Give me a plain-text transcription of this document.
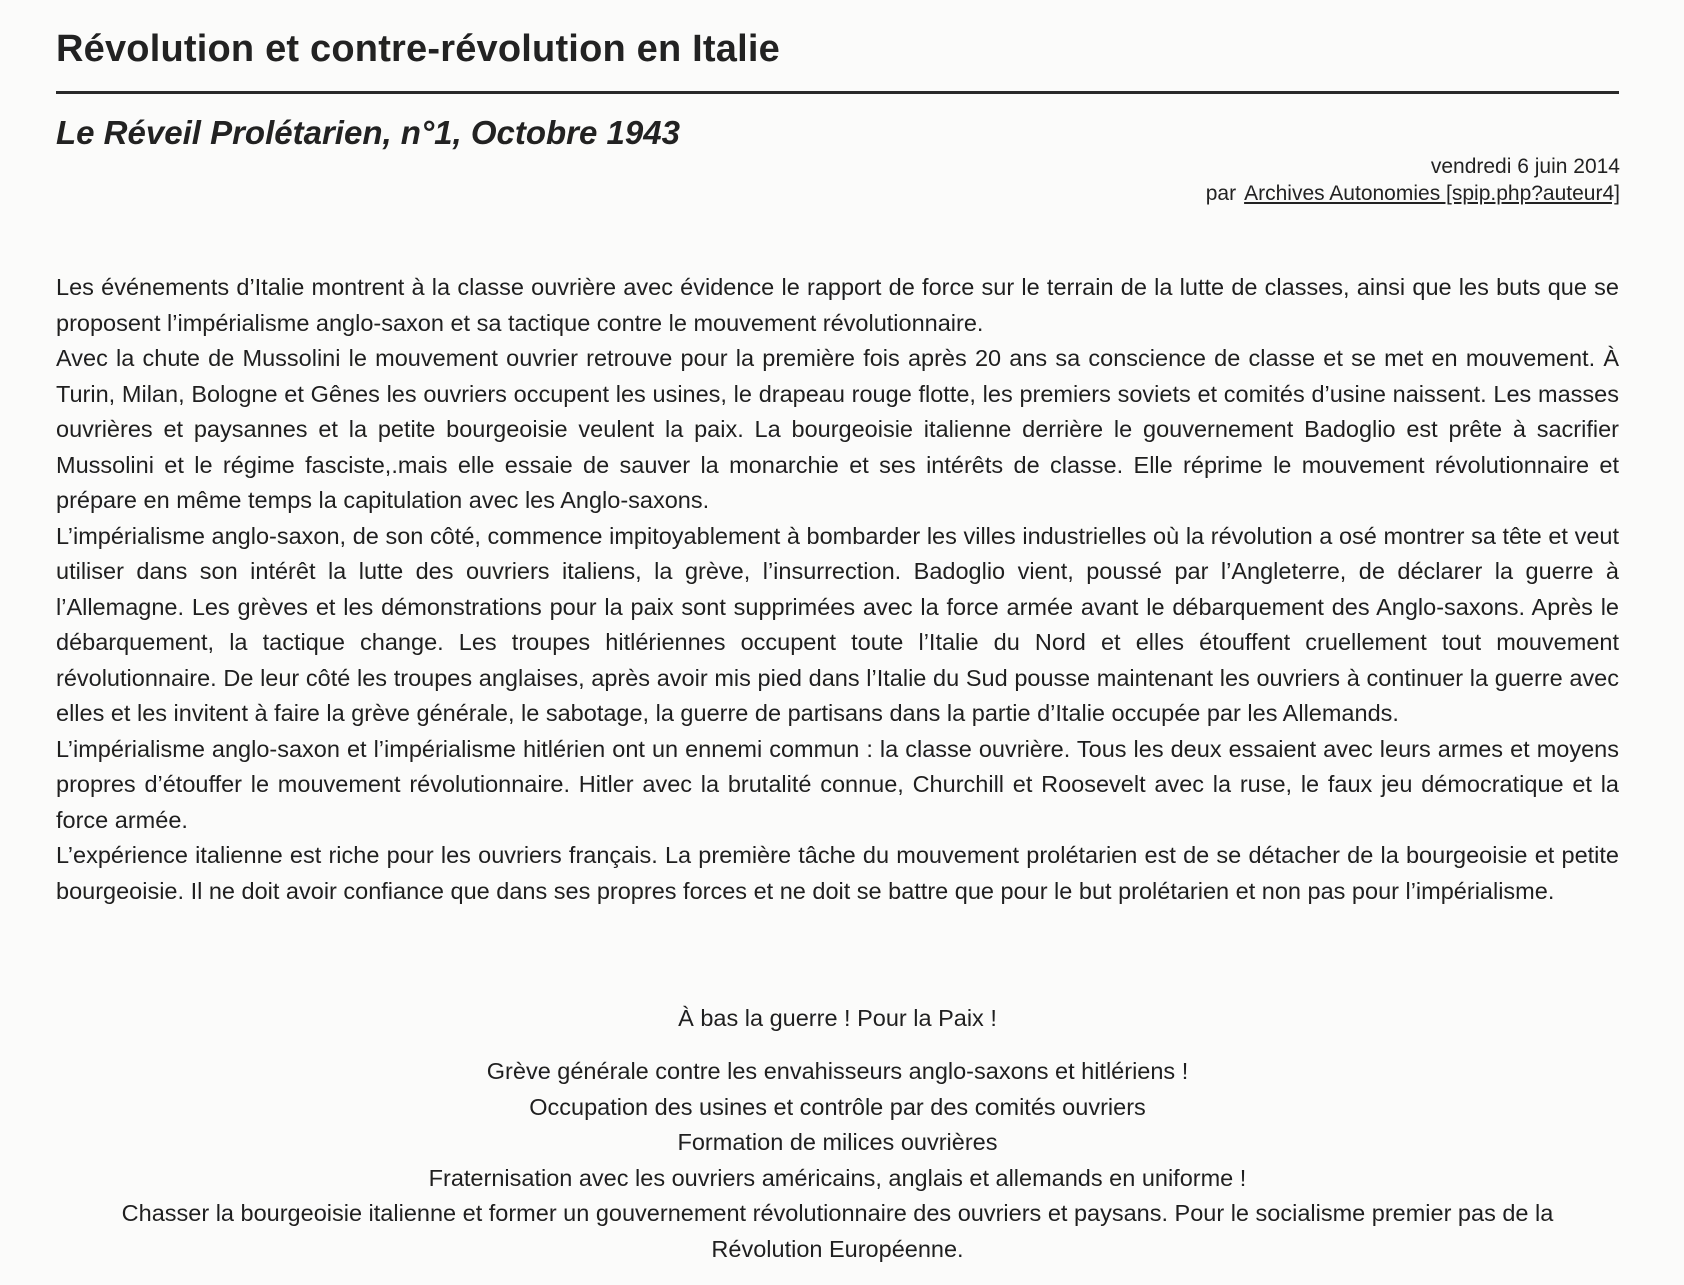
Révolution et contre-révolution en Italie
Le Réveil Prolétarien, n°1, Octobre 1943
vendredi 6 juin 2014
par Archives Autonomies [spip.php?auteur4]

Les événements d’Italie montrent à la classe ouvrière avec évidence le rapport de force sur le terrain de la lutte de classes, ainsi que les buts que se proposent l’impérialisme anglo-saxon et sa tactique contre le mouvement révolutionnaire.

Avec la chute de Mussolini le mouvement ouvrier retrouve pour la première fois après 20 ans sa conscience de classe et se met en mouvement. À Turin, Milan, Bologne et Gênes les ouvriers occupent les usines, le drapeau rouge flotte, les premiers soviets et comités d’usine naissent. Les masses ouvrières et paysannes et la petite bourgeoisie veulent la paix. La bourgeoisie italienne derrière le gouvernement Badoglio est prête à sacrifier Mussolini et le régime fasciste,.mais elle essaie de sauver la monarchie et ses intérêts de classe. Elle réprime le mouvement révolutionnaire et prépare en même temps la capitulation avec les Anglo-saxons.

L’impérialisme anglo-saxon, de son côté, commence impitoyablement à bombarder les villes industrielles où la révolution a osé montrer sa tête et veut utiliser dans son intérêt la lutte des ouvriers italiens, la grève, l’insurrection. Badoglio vient, poussé par l’Angleterre, de déclarer la guerre à l’Allemagne. Les grèves et les démonstrations pour la paix sont supprimées avec la force armée avant le débarquement des Anglo-saxons. Après le débarquement, la tactique change. Les troupes hitlériennes occupent toute l’Italie du Nord et elles étouffent cruellement tout mouvement révolutionnaire. De leur côté les troupes anglaises, après avoir mis pied dans l’Italie du Sud pousse maintenant les ouvriers à continuer la guerre avec elles et les invitent à faire la grève générale, le sabotage, la guerre de partisans dans la partie d’Italie occupée par les Allemands.

L’impérialisme anglo-saxon et l’impérialisme hitlérien ont un ennemi commun : la classe ouvrière. Tous les deux essaient avec leurs armes et moyens propres d’étouffer le mouvement révolutionnaire. Hitler avec la brutalité connue, Churchill et Roosevelt avec la ruse, le faux jeu démocratique et la force armée.

L’expérience italienne est riche pour les ouvriers français. La première tâche du mouvement prolétarien est de se détacher de la bourgeoisie et petite bourgeoisie. Il ne doit avoir confiance que dans ses propres forces et ne doit se battre que pour le but prolétarien et non pas pour l’impérialisme.

À bas la guerre ! Pour la Paix !

Grève générale contre les envahisseurs anglo-saxons et hitlériens !

Occupation des usines et contrôle par des comités ouvriers

Formation de milices ouvrières

Fraternisation avec les ouvriers américains, anglais et allemands en uniforme !

Chasser la bourgeoisie italienne et former un gouvernement révolutionnaire des ouvriers et paysans. Pour le socialisme premier pas de la

Révolution Européenne.
